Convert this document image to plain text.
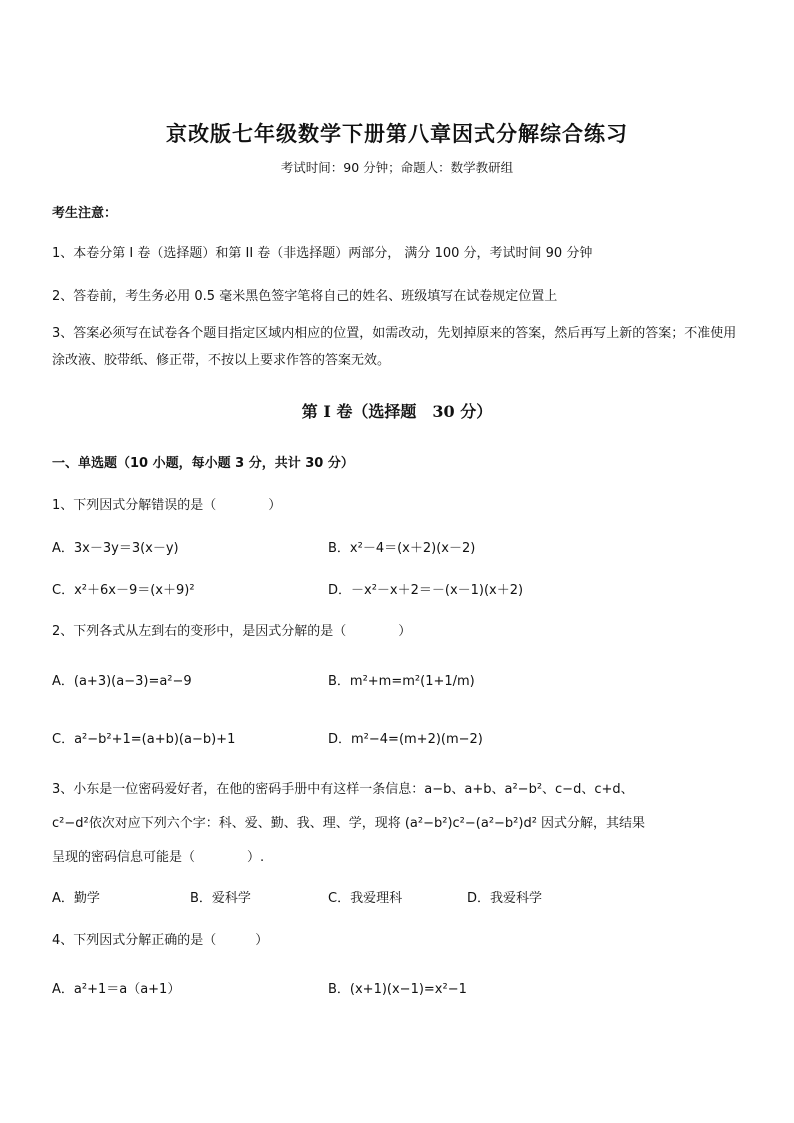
京改版七年级数学下册第八章因式分解综合练习
考试时间：90 分钟；命题人：数学教研组
考生注意：
1、本卷分第 I 卷（选择题）和第 II 卷（非选择题）两部分， 满分 100 分，考试时间 90 分钟
2、答卷前，考生务必用 0.5 毫米黑色签字笔将自己的姓名、班级填写在试卷规定位置上
3、答案必须写在试卷各个题目指定区域内相应的位置，如需改动，先划掉原来的答案，然后再写上新的答案；不准使用涂改液、胶带纸、修正带，不按以上要求作答的答案无效。
第 I 卷（选择题　30 分）
一、单选题（10 小题，每小题 3 分，共计 30 分）
1、下列因式分解错误的是（　　　　）
A．3x－3y＝3(x－y)	B．x²－4＝(x＋2)(x－2)
C．x²＋6x－9＝(x＋9)²	D．－x²－x＋2＝－(x－1)(x＋2)
2、下列各式从左到右的变形中，是因式分解的是（　　　　）
A．(a+3)(a−3)=a²−9	B．m²+m=m²(1+1/m)
C．a²−b²+1=(a+b)(a−b)+1	D．m²−4=(m+2)(m−2)
3、小东是一位密码爱好者，在他的密码手册中有这样一条信息：a−b、a+b、a²−b²、c−d、c+d、
c²−d²依次对应下列六个字：科、爱、勤、我、理、学，现将 (a²−b²)c²−(a²−b²)d² 因式分解，其结果
呈现的密码信息可能是（　　　　）.
A．勤学	B．爱科学	C．我爱理科	D．我爱科学
4、下列因式分解正确的是（　　　）
A．a²+1＝a（a+1）	B．(x+1)(x−1)=x²−1
